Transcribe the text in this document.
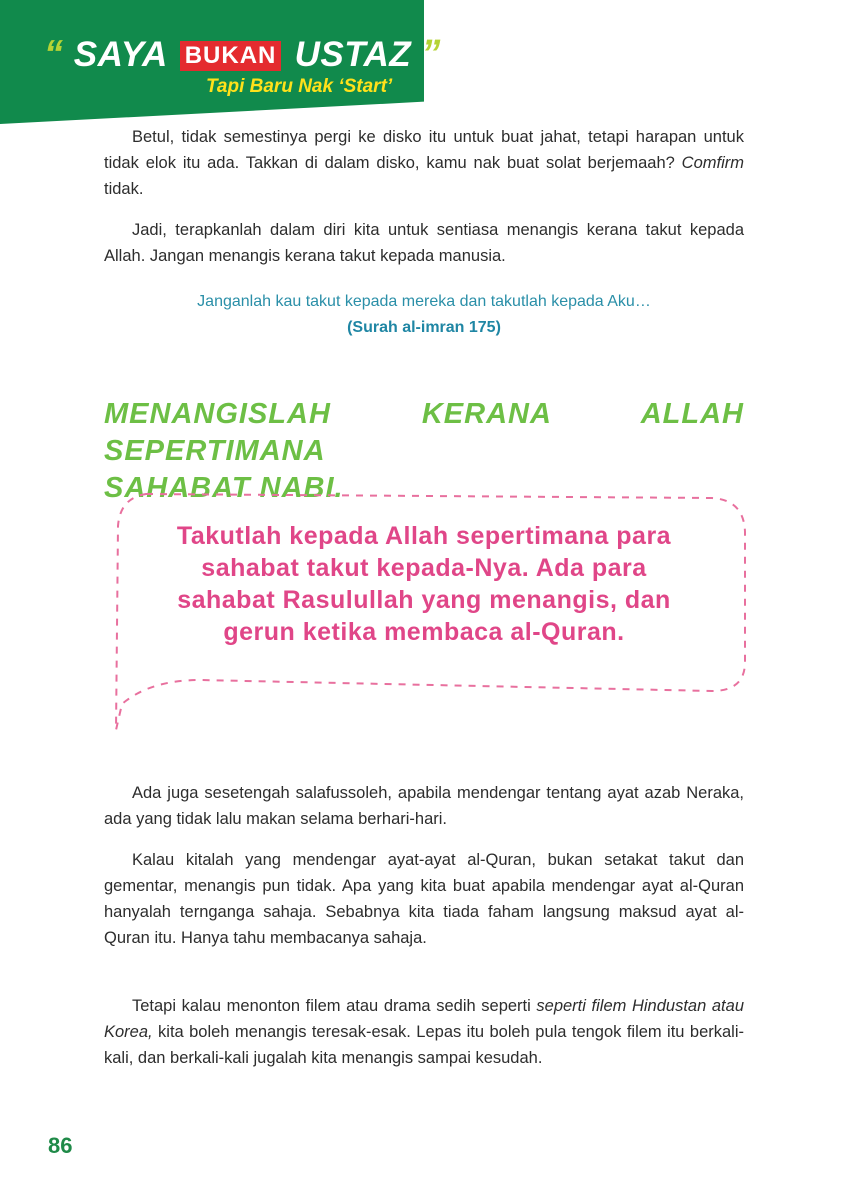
“ SAYA BUKAN USTAZ ”
Tapi Baru Nak ‘Start’

Betul, tidak semestinya pergi ke disko itu untuk buat jahat, tetapi harapan untuk tidak elok itu ada. Takkan di dalam disko, kamu nak buat solat berjemaah? Comfirm tidak.

Jadi, terapkanlah dalam diri kita untuk sentiasa menangis kerana takut kepada Allah. Jangan menangis kerana takut kepada manusia.

Janganlah kau takut kepada mereka dan takutlah kepada Aku…

(Surah al-imran 175)

MENANGISLAH KERANA ALLAH SEPERTIMANA
SAHABAT NABI.
Takutlah kepada Allah sepertimana para
sahabat takut kepada-Nya. Ada para
sahabat Rasulullah yang menangis, dan
gerun ketika membaca al-Quran.

Ada juga sesetengah salafussoleh, apabila mendengar tentang ayat azab Neraka, ada yang tidak lalu makan selama berhari-hari.

Kalau kitalah yang mendengar ayat-ayat al-Quran, bukan setakat takut dan gementar, menangis pun tidak. Apa yang kita buat apabila mendengar ayat al-Quran hanyalah ternganga sahaja. Sebabnya kita tiada faham langsung maksud ayat al-Quran itu. Hanya tahu membacanya sahaja.

Tetapi kalau menonton filem atau drama sedih seperti seperti filem Hindustan atau Korea, kita boleh menangis teresak-esak. Lepas itu boleh pula tengok filem itu berkali-kali, dan berkali-kali jugalah kita menangis sampai kesudah.

86
